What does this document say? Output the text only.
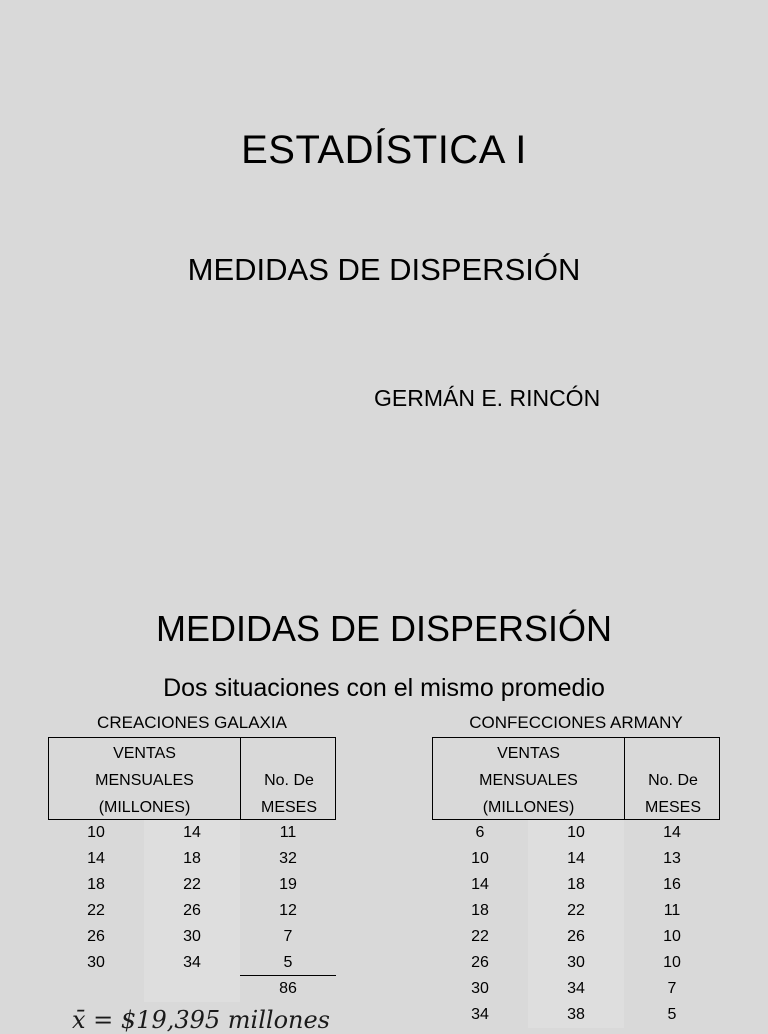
ESTADÍSTICA I
MEDIDAS DE DISPERSIÓN
GERMÁN E. RINCÓN
MEDIDAS DE DISPERSIÓN
Dos situaciones con el mismo promedio
CREACIONES GALAXIA	CONFECCIONES ARMANY
VENTAS
MENSUALES
(MILLONES)
No. De
MESES
10	14	11
14	18	32
18	22	19
22	26	12
26	30	7
30	34	5
86
VENTAS
MENSUALES
(MILLONES)
No. De
MESES
6	10	14
10	14	13
14	18	16
18	22	11
22	26	10
26	30	10
30	34	7
34	38	5
x̄ = $19,395 millones
